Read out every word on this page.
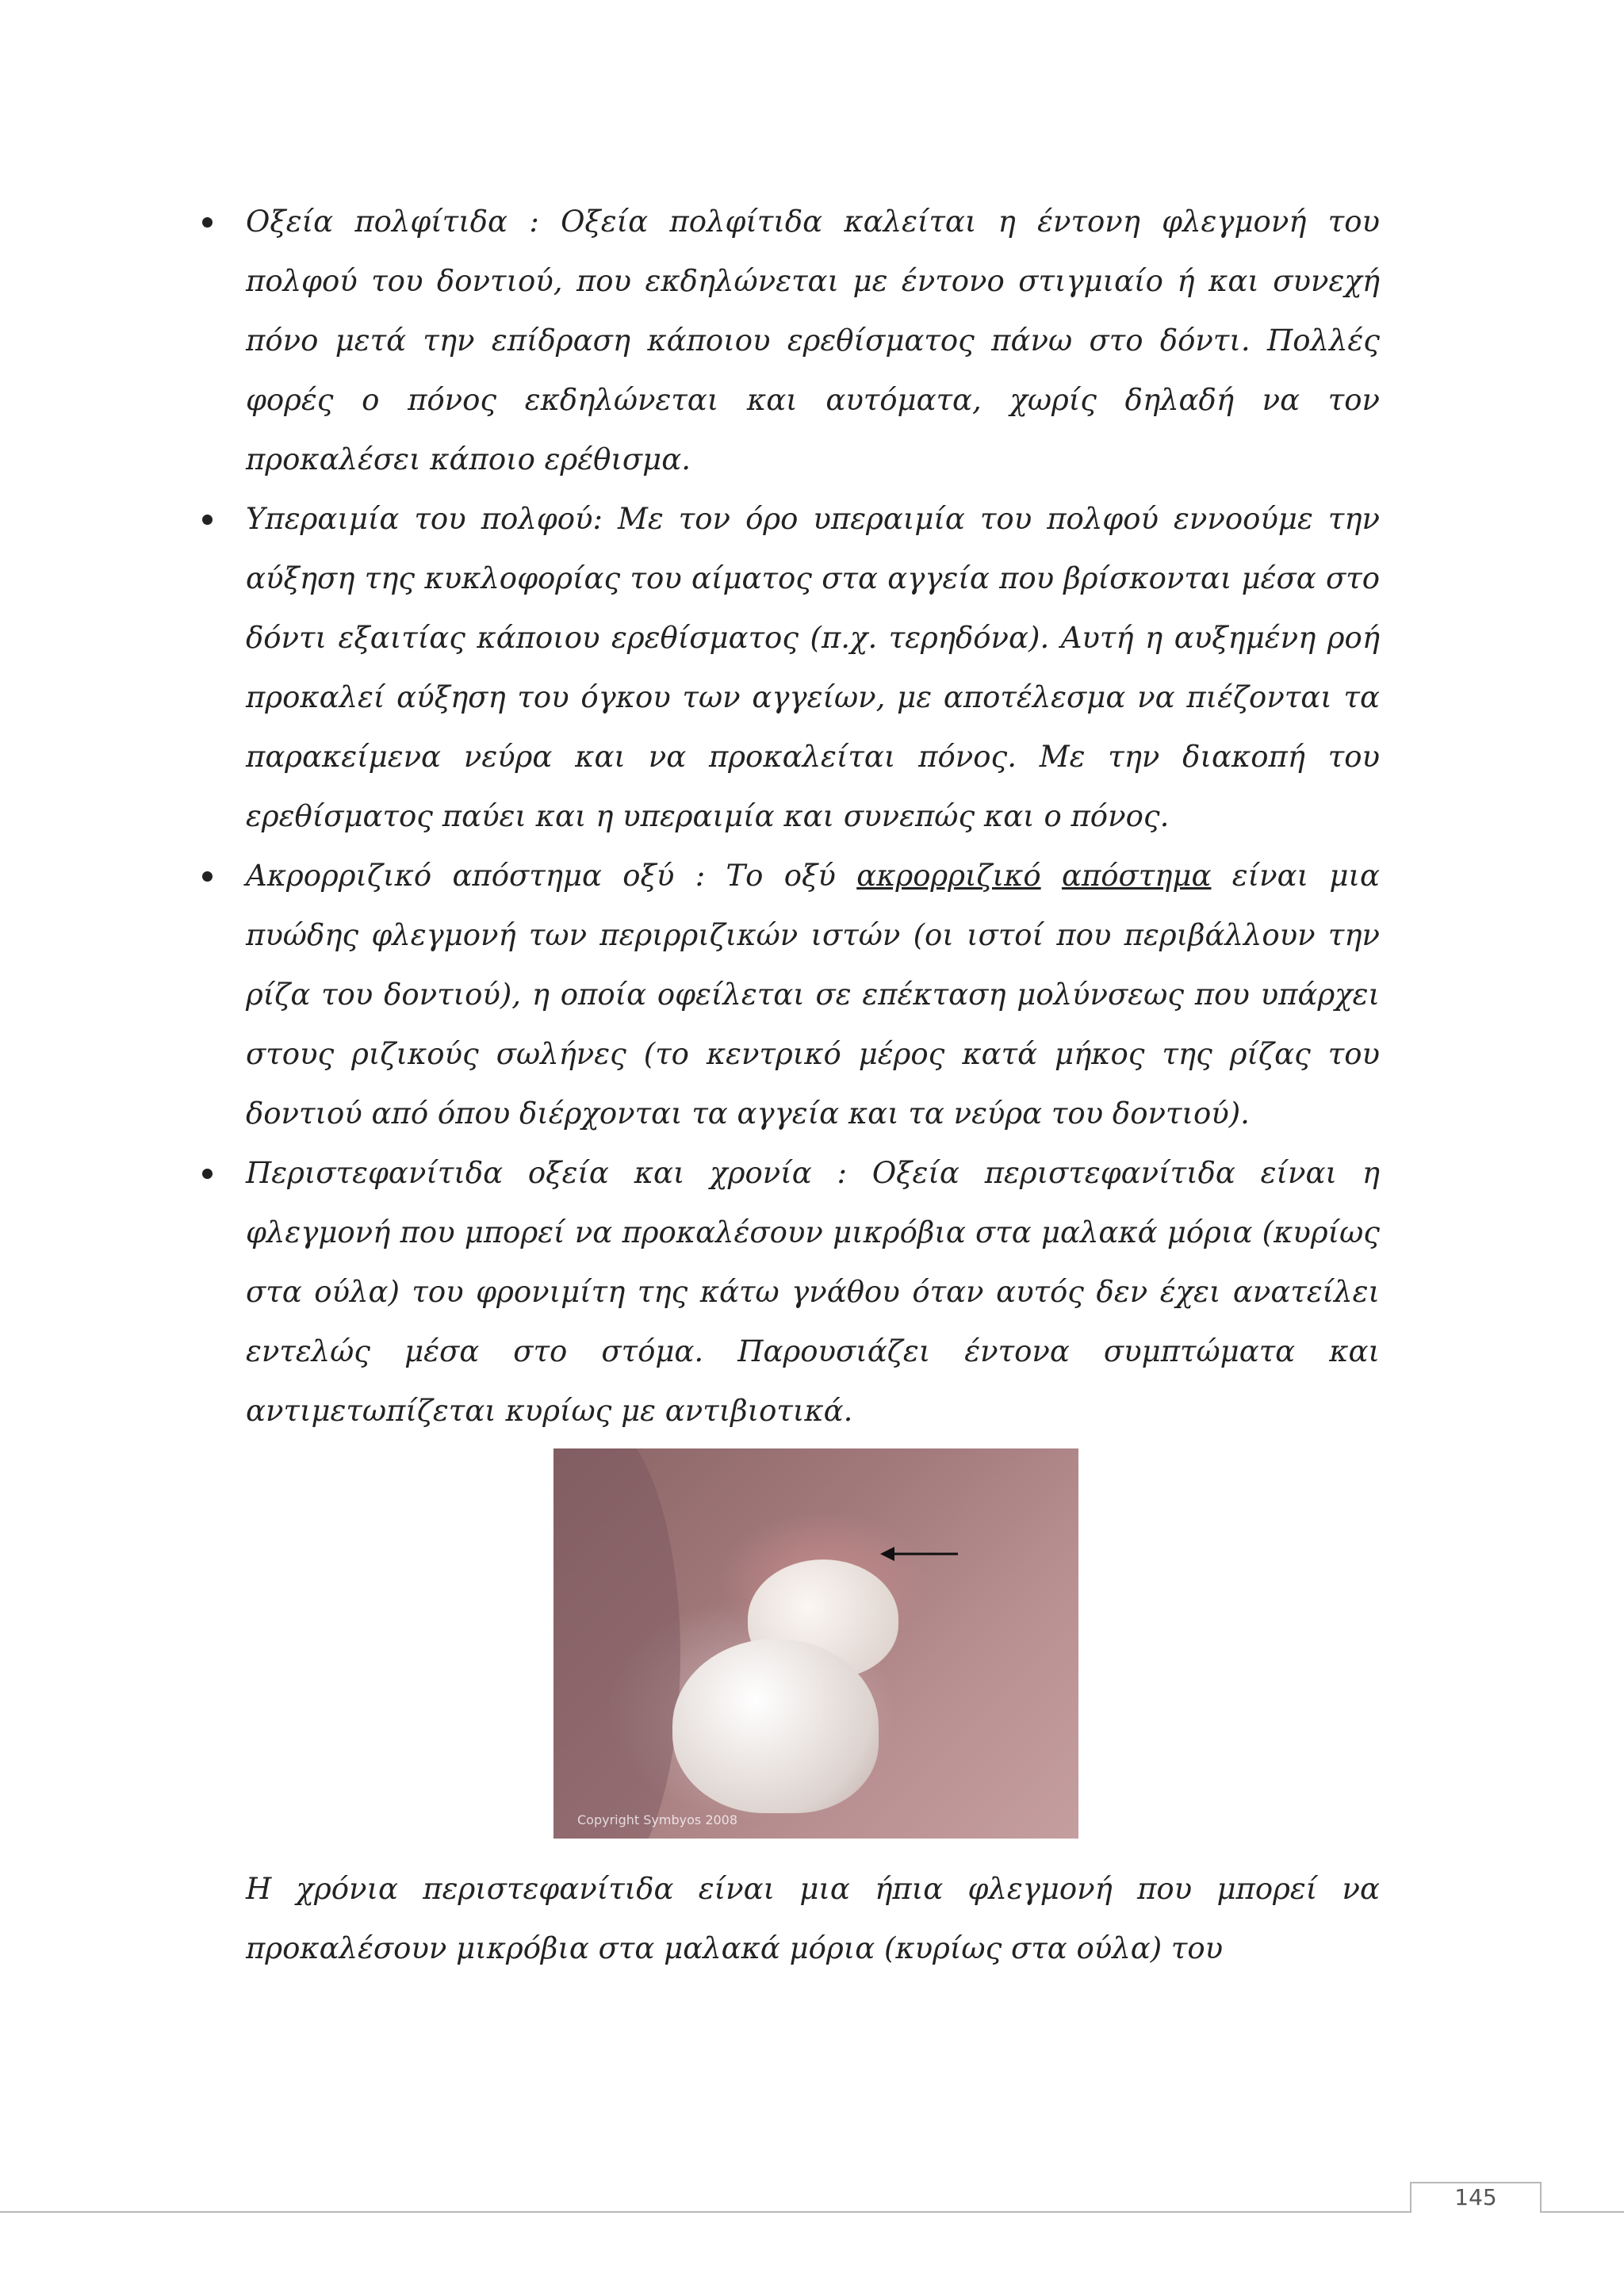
Οξεία πολφίτιδα : Οξεία πολφίτιδα καλείται η έντονη φλεγμονή του πολφού του δοντιού, που εκδηλώνεται με έντονο στιγμιαίο ή και συνεχή πόνο μετά την επίδραση κάποιου ερεθίσματος πάνω στο δόντι. Πολλές φορές ο πόνος εκδηλώνεται και αυτόματα, χωρίς δηλαδή να τον προκαλέσει κάποιο ερέθισμα.
Υπεραιμία του πολφού: Με τον όρο υπεραιμία του πολφού εννοούμε την αύξηση της κυκλοφορίας του αίματος στα αγγεία που βρίσκονται μέσα στο δόντι εξαιτίας κάποιου ερεθίσματος (π.χ. τερηδόνα). Αυτή η αυξημένη ροή προκαλεί αύξηση του όγκου των αγγείων, με αποτέλεσμα να πιέζονται τα παρακείμενα νεύρα και να προκαλείται πόνος. Με την διακοπή του ερεθίσματος παύει και η υπεραιμία και συνεπώς και ο πόνος.
Ακρορριζικό απόστημα οξύ : Το οξύ ακρορριζικό απόστημα είναι μια πυώδης φλεγμονή των περιρριζικών ιστών (οι ιστοί που περιβάλλουν την ρίζα του δοντιού), η οποία οφείλεται σε επέκταση μολύνσεως που υπάρχει στους ριζικούς σωλήνες (το κεντρικό μέρος κατά μήκος της ρίζας του δοντιού από όπου διέρχονται τα αγγεία και τα νεύρα του δοντιού).
Περιστεφανίτιδα οξεία και χρονία : Οξεία περιστεφανίτιδα είναι η φλεγμονή που μπορεί να προκαλέσουν μικρόβια στα μαλακά μόρια (κυρίως στα ούλα) του φρονιμίτη της κάτω γνάθου όταν αυτός δεν έχει ανατείλει εντελώς μέσα στο στόμα. Παρουσιάζει έντονα συμπτώματα και αντιμετωπίζεται κυρίως με αντιβιοτικά.
Copyright Symbyos 2008

Η χρόνια περιστεφανίτιδα είναι μια ήπια φλεγμονή που μπορεί να προκαλέσουν μικρόβια στα μαλακά μόρια (κυρίως στα ούλα) του

145
